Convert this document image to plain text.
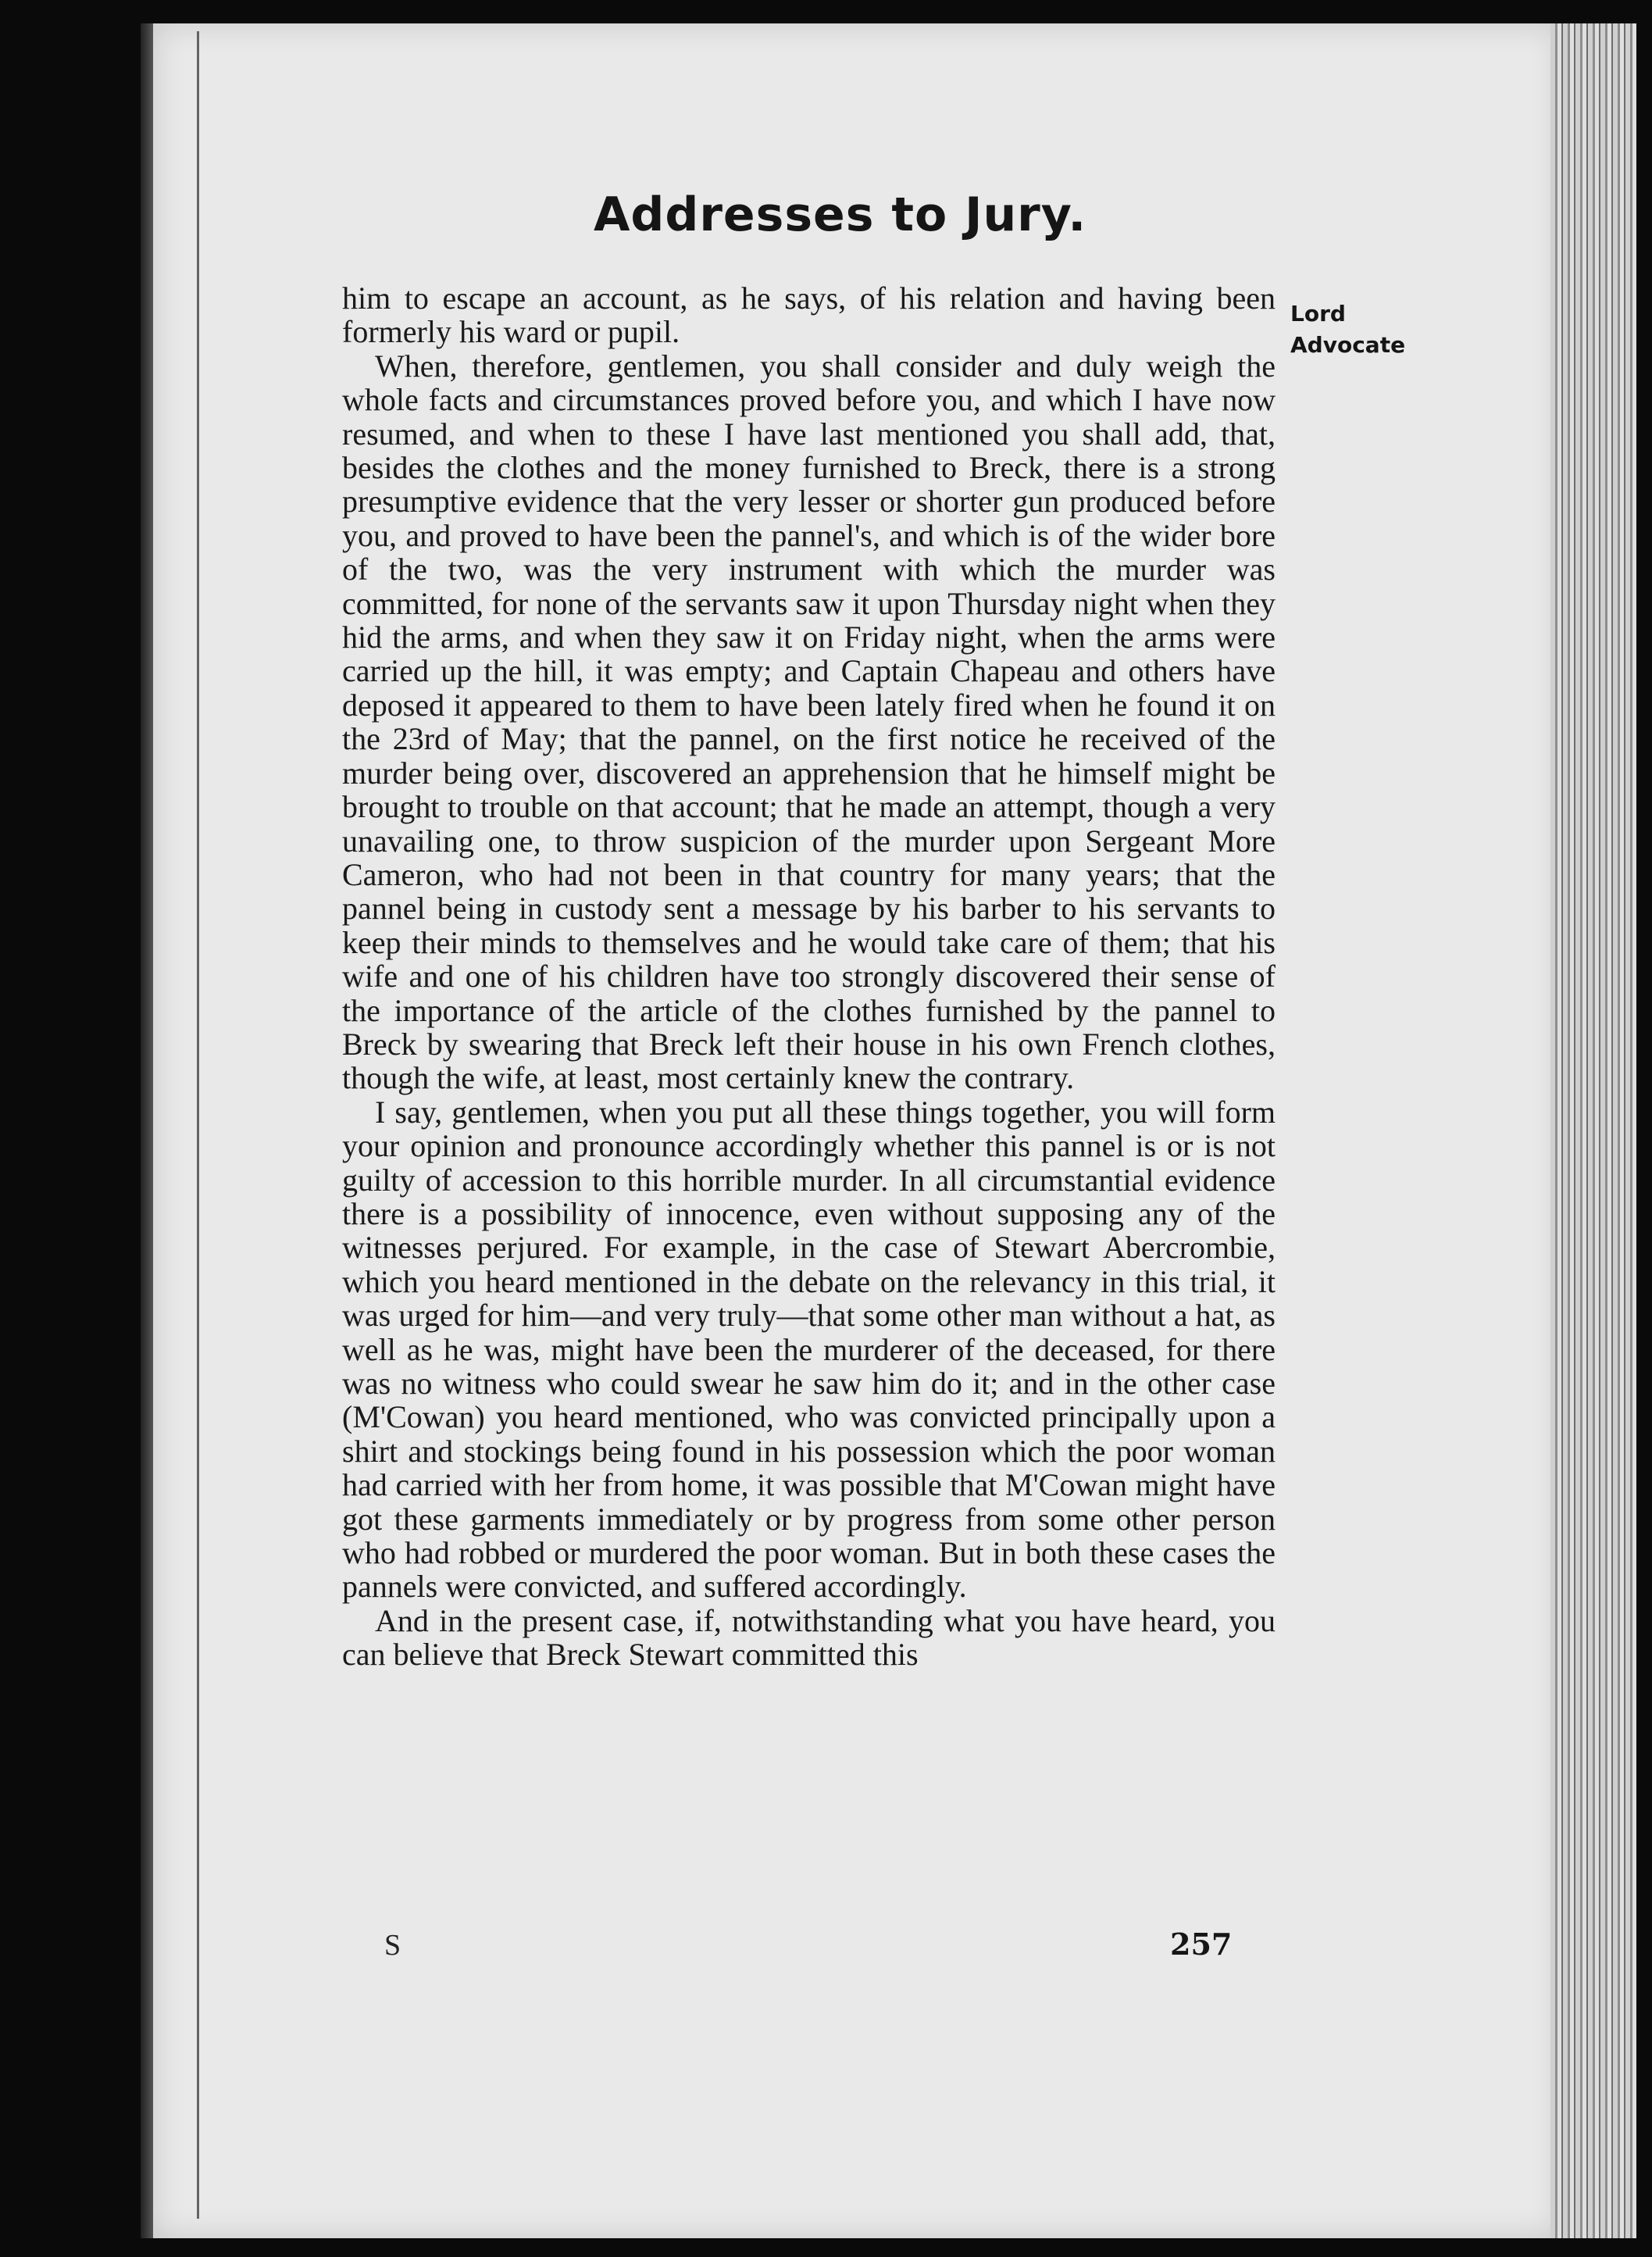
Addresses to Jury.
Lord
Advocate

him to escape an account, as he says, of his relation and having been formerly his ward or pupil.

When, therefore, gentlemen, you shall consider and duly weigh the whole facts and circumstances proved before you, and which I have now resumed, and when to these I have last mentioned you shall add, that, besides the clothes and the money furnished to Breck, there is a strong presumptive evidence that the very lesser or shorter gun produced before you, and proved to have been the pannel's, and which is of the wider bore of the two, was the very instrument with which the murder was committed, for none of the servants saw it upon Thursday night when they hid the arms, and when they saw it on Friday night, when the arms were carried up the hill, it was empty; and Captain Chapeau and others have deposed it appeared to them to have been lately fired when he found it on the 23rd of May; that the pannel, on the first notice he received of the murder being over, discovered an apprehension that he himself might be brought to trouble on that account; that he made an attempt, though a very unavailing one, to throw suspicion of the murder upon Sergeant More Cameron, who had not been in that country for many years; that the pannel being in custody sent a message by his barber to his servants to keep their minds to themselves and he would take care of them; that his wife and one of his children have too strongly discovered their sense of the importance of the article of the clothes furnished by the pannel to Breck by swearing that Breck left their house in his own French clothes, though the wife, at least, most certainly knew the contrary.

I say, gentlemen, when you put all these things together, you will form your opinion and pronounce accordingly whether this pannel is or is not guilty of accession to this horrible murder. In all circumstantial evidence there is a possibility of innocence, even without supposing any of the witnesses perjured. For example, in the case of Stewart Abercrombie, which you heard mentioned in the debate on the relevancy in this trial, it was urged for him—and very truly—that some other man without a hat, as well as he was, might have been the murderer of the deceased, for there was no witness who could swear he saw him do it; and in the other case (M'Cowan) you heard mentioned, who was convicted principally upon a shirt and stockings being found in his possession which the poor woman had carried with her from home, it was possible that M'Cowan might have got these garments immediately or by progress from some other person who had robbed or murdered the poor woman. But in both these cases the pannels were convicted, and suffered accordingly.

And in the present case, if, notwithstanding what you have heard, you can believe that Breck Stewart committed this

S	257
